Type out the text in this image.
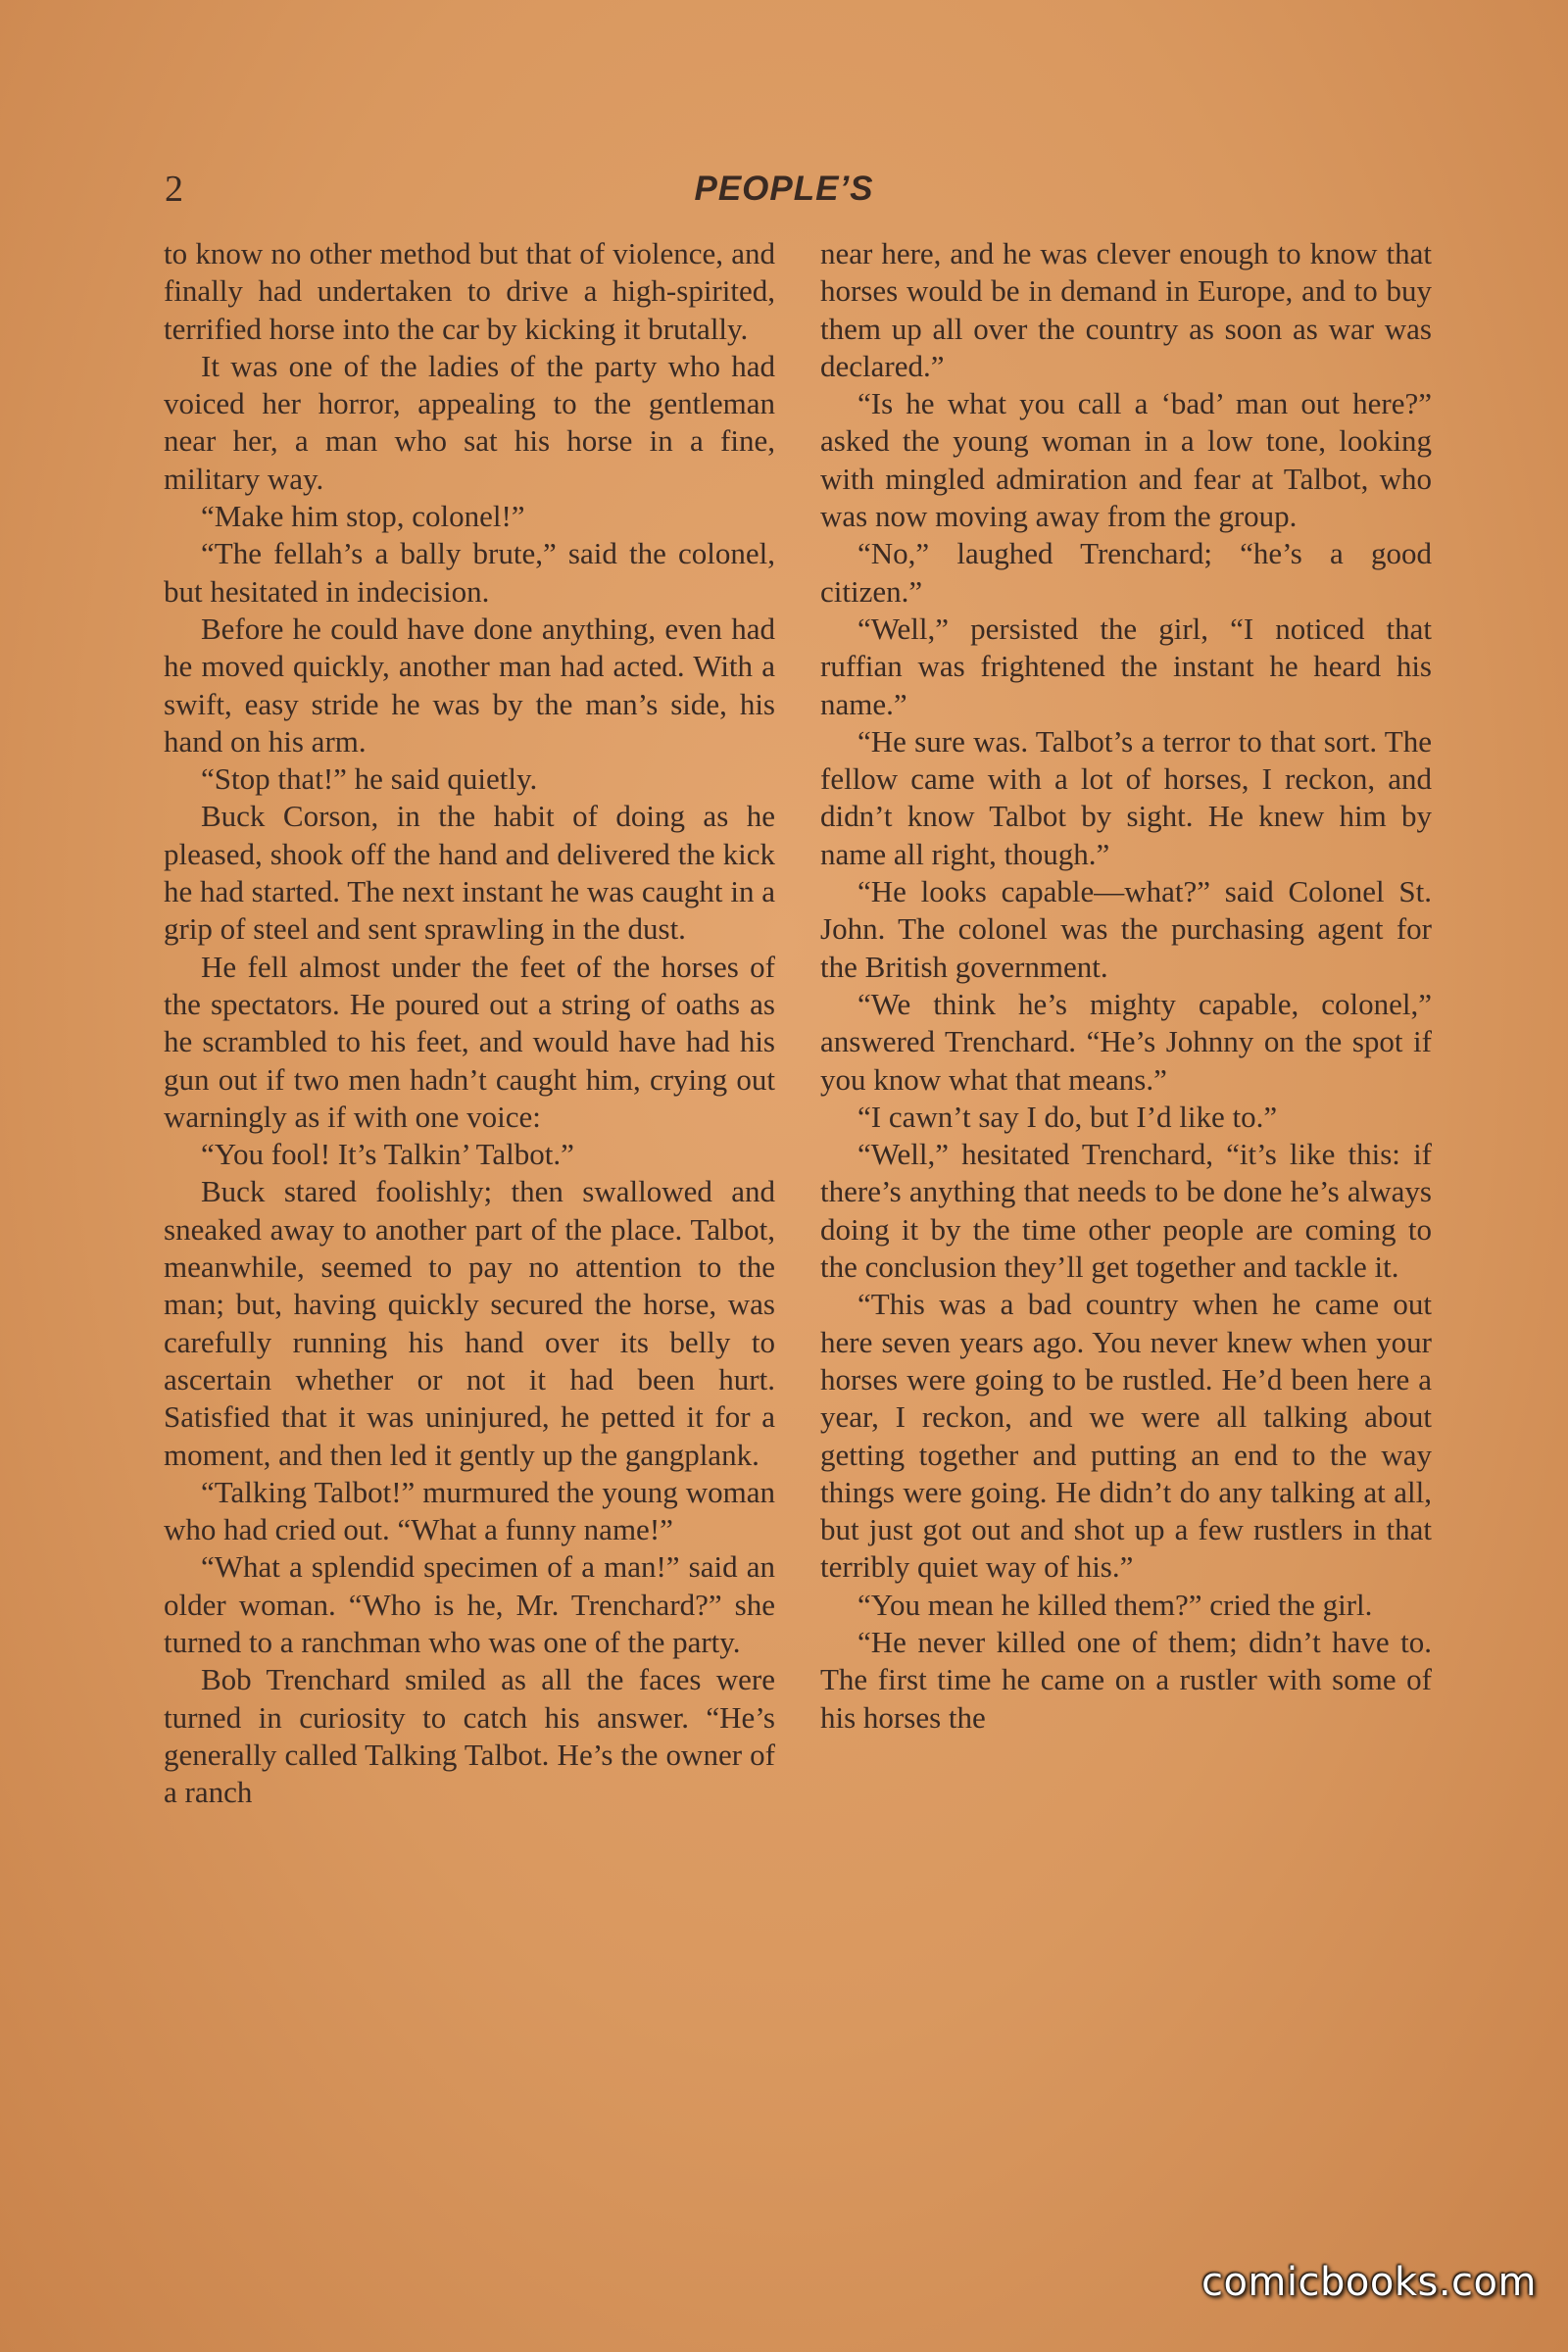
2	PEOPLE’S

to know no other method but that of violence, and finally had undertaken to drive a high-spirited, terrified horse into the car by kicking it brutally.

It was one of the ladies of the party who had voiced her horror, appealing to the gentleman near her, a man who sat his horse in a fine, military way.

“Make him stop, colonel!”

“The fellah’s a bally brute,” said the colonel, but hesitated in indecision.

Before he could have done anything, even had he moved quickly, another man had acted. With a swift, easy stride he was by the man’s side, his hand on his arm.

“Stop that!” he said quietly.

Buck Corson, in the habit of doing as he pleased, shook off the hand and delivered the kick he had started. The next instant he was caught in a grip of steel and sent sprawling in the dust.

He fell almost under the feet of the horses of the spectators. He poured out a string of oaths as he scrambled to his feet, and would have had his gun out if two men hadn’t caught him, crying out warningly as if with one voice:

“You fool! It’s Talkin’ Talbot.”

Buck stared foolishly; then swallowed and sneaked away to another part of the place. Talbot, meanwhile, seemed to pay no attention to the man; but, having quickly secured the horse, was carefully running his hand over its belly to ascertain whether or not it had been hurt. Satisfied that it was uninjured, he petted it for a moment, and then led it gently up the gangplank.

“Talking Talbot!” murmured the young woman who had cried out. “What a funny name!”

“What a splendid specimen of a man!” said an older woman. “Who is he, Mr. Trenchard?” she turned to a ranchman who was one of the party.

Bob Trenchard smiled as all the faces were turned in curiosity to catch his answer. “He’s generally called Talking Talbot. He’s the owner of a ranch

near here, and he was clever enough to know that horses would be in demand in Europe, and to buy them up all over the country as soon as war was declared.”

“Is he what you call a ‘bad’ man out here?” asked the young woman in a low tone, looking with mingled admiration and fear at Talbot, who was now moving away from the group.

“No,” laughed Trenchard; “he’s a good citizen.”

“Well,” persisted the girl, “I noticed that ruffian was frightened the instant he heard his name.”

“He sure was. Talbot’s a terror to that sort. The fellow came with a lot of horses, I reckon, and didn’t know Talbot by sight. He knew him by name all right, though.”

“He looks capable—what?” said Colonel St. John. The colonel was the purchasing agent for the British government.

“We think he’s mighty capable, colonel,” answered Trenchard. “He’s Johnny on the spot if you know what that means.”

“I cawn’t say I do, but I’d like to.”

“Well,” hesitated Trenchard, “it’s like this: if there’s anything that needs to be done he’s always doing it by the time other people are coming to the conclusion they’ll get together and tackle it.

“This was a bad country when he came out here seven years ago. You never knew when your horses were going to be rustled. He’d been here a year, I reckon, and we were all talking about getting together and putting an end to the way things were going. He didn’t do any talking at all, but just got out and shot up a few rustlers in that terribly quiet way of his.”

“You mean he killed them?” cried the girl.

“He never killed one of them; didn’t have to. The first time he came on a rustler with some of his horses the

comicbooks.com
